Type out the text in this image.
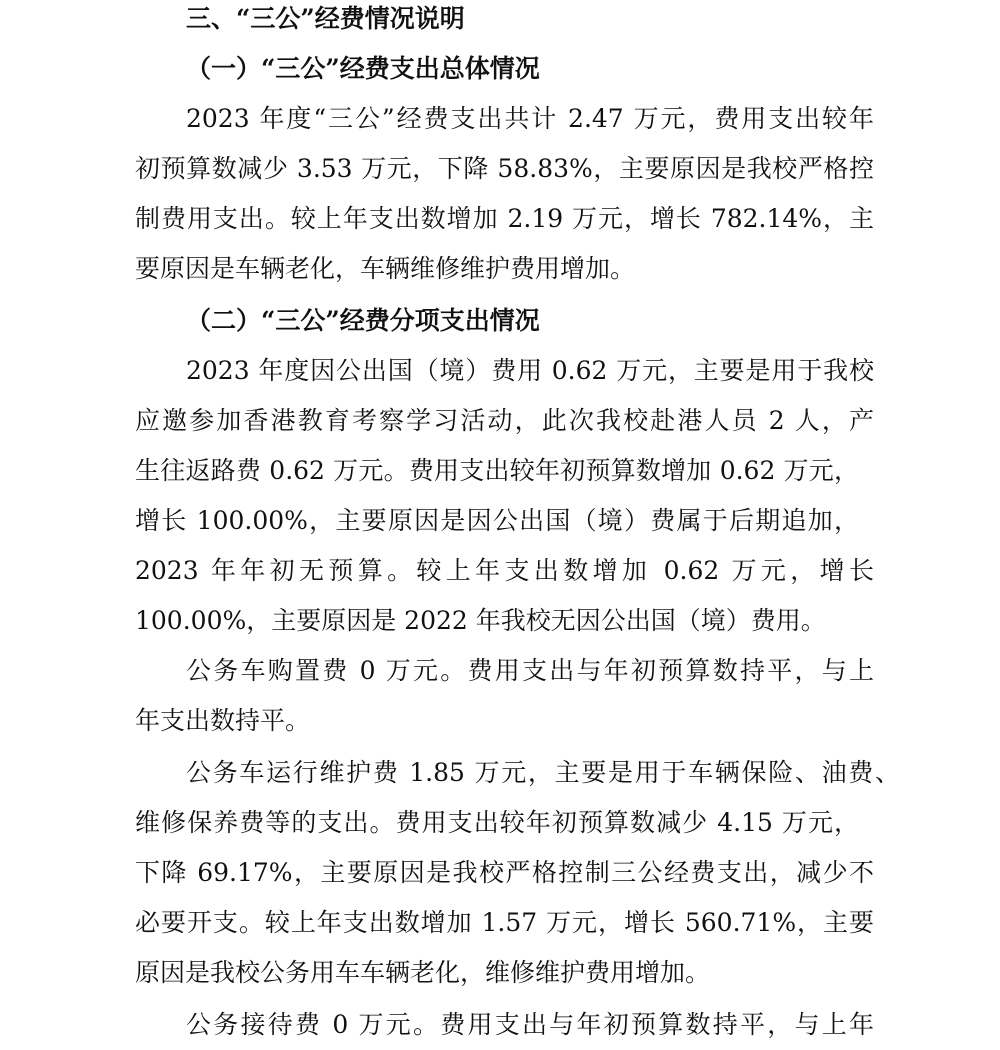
三、“三公”经费情况说明
（一）“三公”经费支出总体情况
2023 年度“三公”经费支出共计 2.47 万元，费用支出较年
初预算数减少 3.53 万元，下降 58.83%，主要原因是我校严格控
制费用支出。较上年支出数增加 2.19 万元，增长 782.14%，主
要原因是车辆老化，车辆维修维护费用增加。
（二）“三公”经费分项支出情况
2023 年度因公出国（境）费用 0.62 万元，主要是用于我校
应邀参加香港教育考察学习活动，此次我校赴港人员 2 人，产
生往返路费 0.62 万元。费用支出较年初预算数增加 0.62 万元，
增长 100.00%，主要原因是因公出国（境）费属于后期追加，
2023 年年初无预算。较上年支出数增加 0.62 万元，增长
100.00%，主要原因是 2022 年我校无因公出国（境）费用。
公务车购置费 0 万元。费用支出与年初预算数持平，与上
年支出数持平。
公务车运行维护费 1.85 万元，主要是用于车辆保险、油费、
维修保养费等的支出。费用支出较年初预算数减少 4.15 万元，
下降 69.17%，主要原因是我校严格控制三公经费支出，减少不
必要开支。较上年支出数增加 1.57 万元，增长 560.71%，主要
原因是我校公务用车车辆老化，维修维护费用增加。
公务接待费 0 万元。费用支出与年初预算数持平，与上年
